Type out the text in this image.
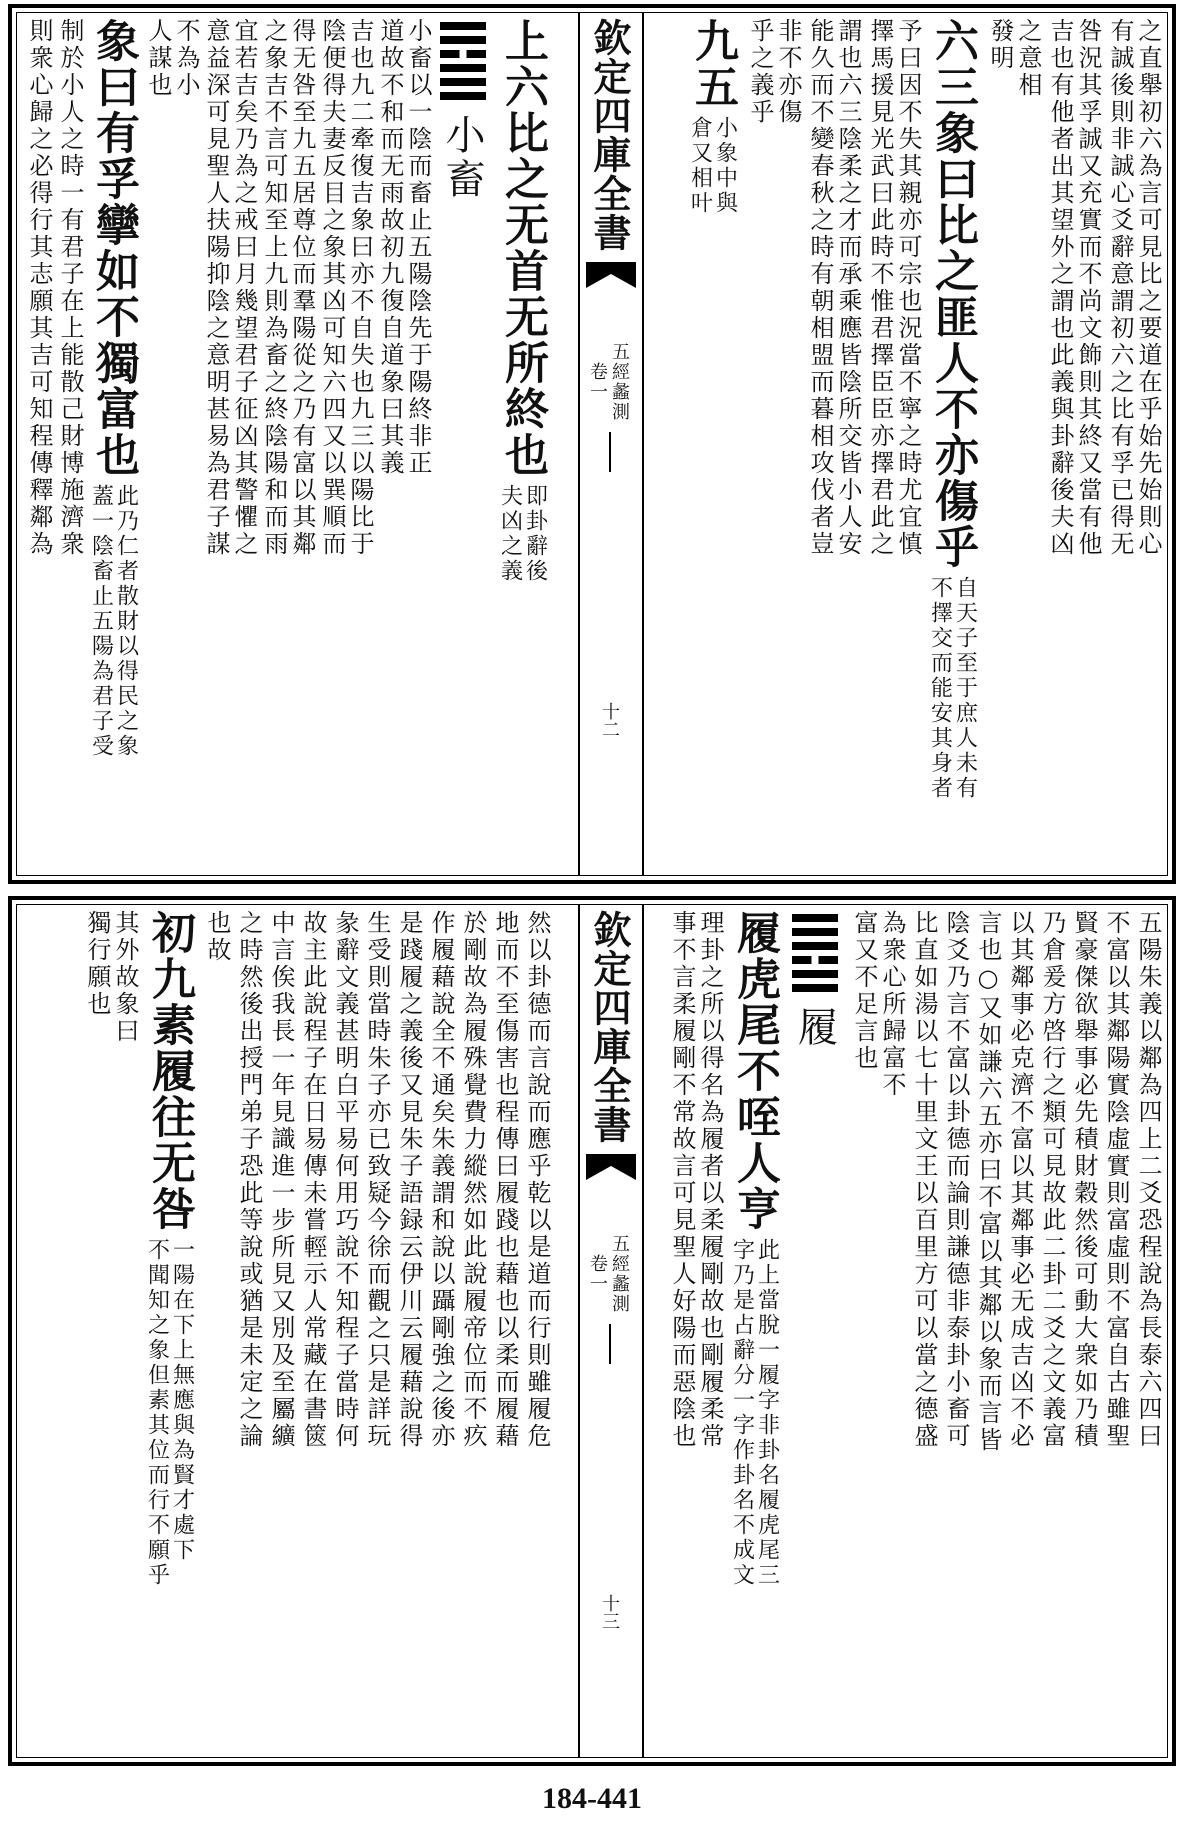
之直舉初六為言可見比之要道在乎始先始則心
有誠後則非誠心爻辭意謂初六之比有孚已得无
咎況其孚誠又充實而不尚文飾則其終又當有他
吉也有他者出其望外之謂也此義與卦辭後夫凶
之意相
發明
六三象曰比之匪人不亦傷乎
自天子至于庶人未有
不擇交而能安其身者
予曰因不失其親亦可宗也況當不寧之時尤宜慎
擇馬援見光武曰此時不惟君擇臣臣亦擇君此之
謂也六三陰柔之才而承乘應皆陰所交皆小人安
能久而不變春秋之時有朝相盟而暮相攻伐者豈
非不亦傷
乎之義乎
九五
小象中與
倉又相叶
欽定四庫全書
五經蠡測
卷一
十二
上六比之无首无所終也
即卦辭後
夫凶之義
小畜
小畜以一陰而畜止五陽陰先于陽終非正
道故不和而无雨故初九復自道象曰其義
吉也九二牽復吉象曰亦不自失也九三以陽比于
陰便得夫妻反目之象其凶可知六四又以巽順而
得无咎至九五居尊位而羣陽從之乃有富以其鄰
之象吉不言可知至上九則為畜之終陰陽和而雨
宜若吉矣乃為之戒曰月幾望君子征凶其警懼之
意益深可見聖人扶陽抑陰之意明甚易為君子謀
不為小
人謀也
象曰有孚攣如不獨富也
此乃仁者散財以得民之象
蓋一陰畜止五陽為君子受
制於小人之時一有君子在上能散己財博施濟衆
則衆心歸之必得行其志願其吉可知程傳釋鄰為
五陽朱義以鄰為四上二爻恐程說為長泰六四曰
不富以其鄰陽實陰虛實則富虛則不富自古雖聖
賢豪傑欲舉事必先積財穀然後可動大衆如乃積
乃倉爰方啓行之類可見故此二卦二爻之文義富
以其鄰事必克濟不富以其鄰事必无成吉凶不必
言也○又如謙六五亦曰不富以其鄰以象而言皆
陰爻乃言不富以卦德而論則謙德非泰卦小畜可
比直如湯以七十里文王以百里方可以當之德盛
為衆心所歸富不
富又不足言也
履
履虎尾不咥人亨
此上當脫一履字非卦名履虎尾三
字乃是占辭分一字作卦名不成文
理卦之所以得名為履者以柔履剛故也剛履柔常
事不言柔履剛不常故言可見聖人好陽而惡陰也
欽定四庫全書
五經蠡測
卷一
十三
然以卦德而言說而應乎乾以是道而行則雖履危
地而不至傷害也程傳曰履踐也藉也以柔而履藉
於剛故為履殊覺費力縱然如此說履帝位而不疚
作履藉說全不通矣朱義謂和說以躡剛強之後亦
是踐履之義後又見朱子語録云伊川云履藉說得
生受則當時朱子亦已致疑今徐而觀之只是詳玩
彖辭文義甚明白平易何用巧說不知程子當時何
故主此說程子在日易傳未嘗輕示人常藏在書篋
中言俟我長一年見識進一步所見又別及至屬纊
之時然後出授門弟子恐此等說或猶是未定之論
也故
初九素履往无咎
一陽在下上無應與為賢才處下
不聞知之象但素其位而行不願乎
其外故象曰
獨行願也
184-441
